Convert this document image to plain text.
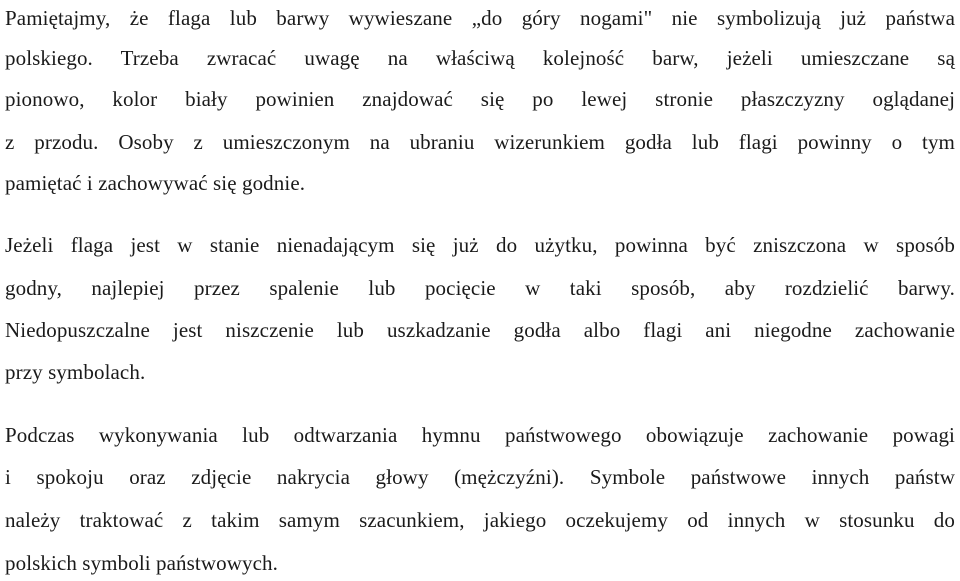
Pamiętajmy, że flaga lub barwy wywieszane „do góry nogami" nie symbolizują już państwa
polskiego. Trzeba zwracać uwagę na właściwą kolejność barw, jeżeli umieszczane są
pionowo, kolor biały powinien znajdować się po lewej stronie płaszczyzny oglądanej
z przodu. Osoby z umieszczonym na ubraniu wizerunkiem godła lub flagi powinny o tym
pamiętać i zachowywać się godnie.
Jeżeli flaga jest w stanie nienadającym się już do użytku, powinna być zniszczona w sposób
godny, najlepiej przez spalenie lub pocięcie w taki sposób, aby rozdzielić barwy.
Niedopuszczalne jest niszczenie lub uszkadzanie godła albo flagi ani niegodne zachowanie
przy symbolach.
Podczas wykonywania lub odtwarzania hymnu państwowego obowiązuje zachowanie powagi
i spokoju oraz zdjęcie nakrycia głowy (mężczyźni). Symbole państwowe innych państw
należy traktować z takim samym szacunkiem, jakiego oczekujemy od innych w stosunku do
polskich symboli państwowych.
